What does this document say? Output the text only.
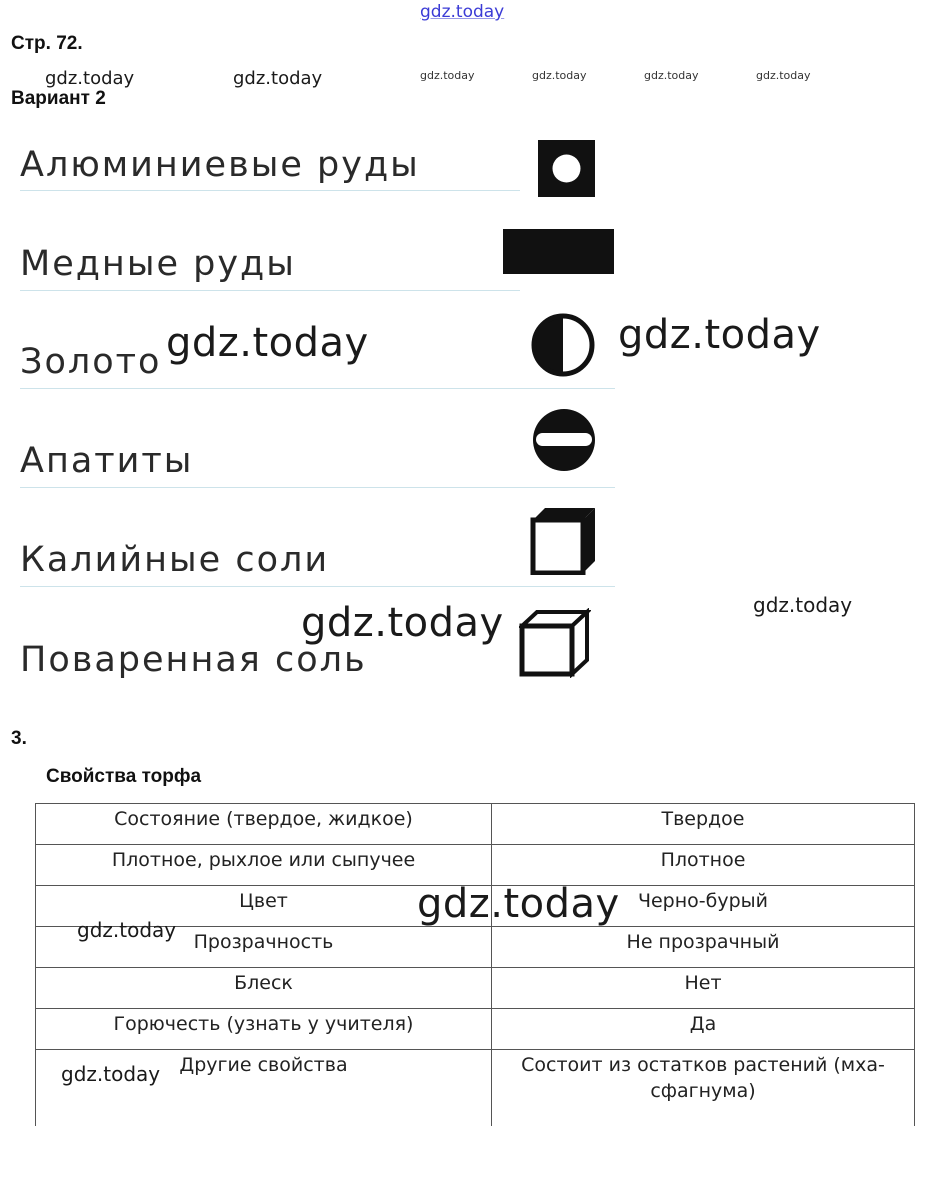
gdz.today
Стр. 72.
gdz.today	gdz.today	gdz.today	gdz.today	gdz.today	gdz.today
Вариант 2
Алюминиевые руды
Медные руды
Золото
Апатиты
Калийные соли
Поваренная соль
gdz.today	gdz.today
gdz.today
gdz.today
3.
Свойства торфа
Состояние (твердое, жидкое)	Твердое
Плотное, рыхлое или сыпучее	Плотное
Цвет	Черно-бурый
Прозрачность	Не прозрачный
Блеск	Нет
Горючесть (узнать у учителя)	Да
Другие свойства	Состоит из остатков растений (мха-сфагнума)
gdz.today
gdz.today
gdz.today
